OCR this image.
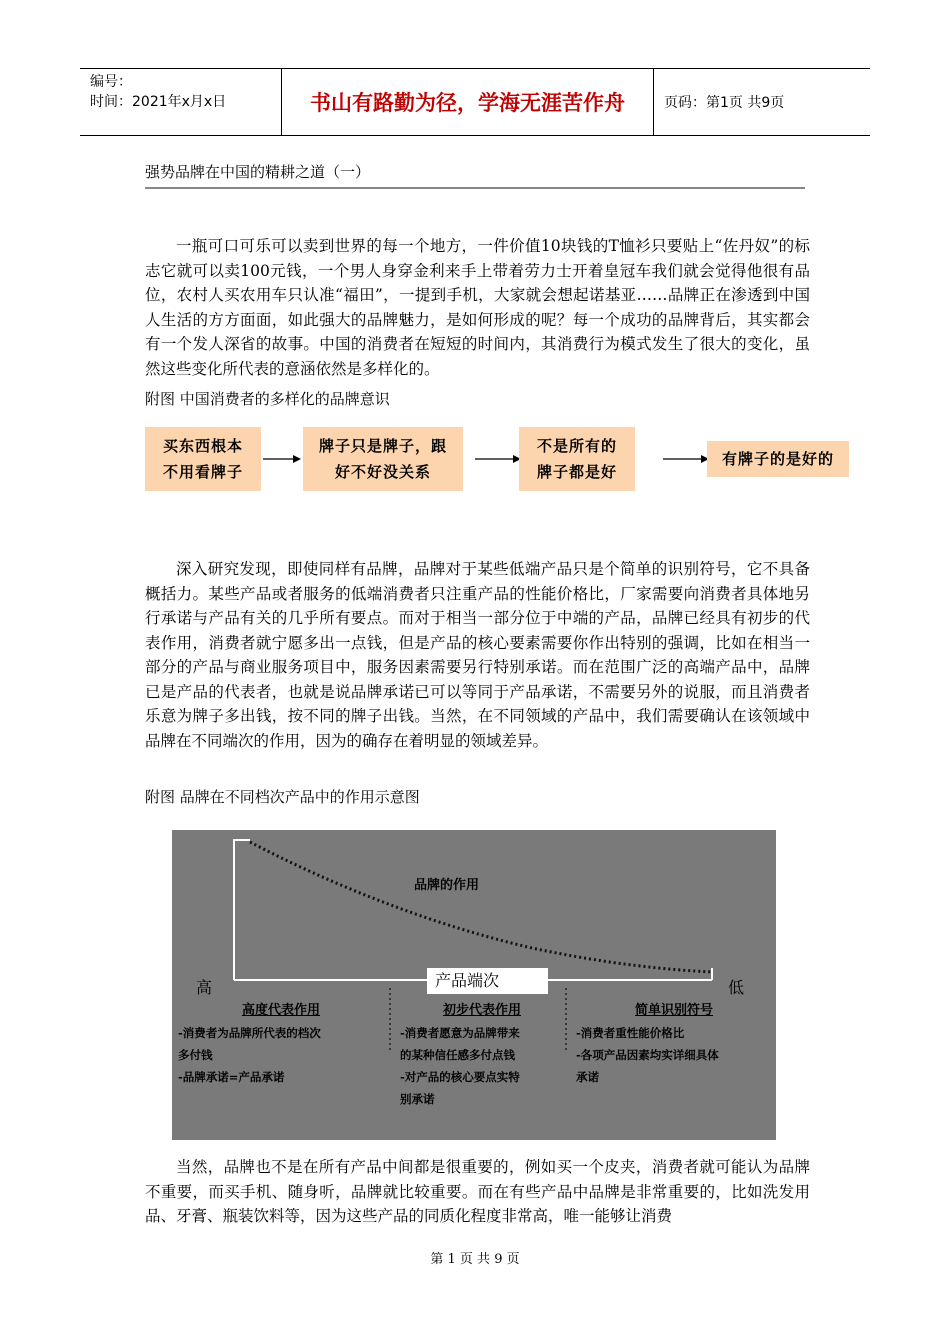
编号：
时间：2021年x月x日	书山有路勤为径，学海无涯苦作舟	页码：第1页 共9页
强势品牌在中国的精耕之道（一）

一瓶可口可乐可以卖到世界的每一个地方，一件价值10块钱的T恤衫只要贴上“佐丹奴”的标志它就可以卖100元钱，一个男人身穿金利来手上带着劳力士开着皇冠车我们就会觉得他很有品位，农村人买农用车只认准“福田”，一提到手机，大家就会想起诺基亚……品牌正在渗透到中国人生活的方方面面，如此强大的品牌魅力，是如何形成的呢？每一个成功的品牌背后，其实都会有一个发人深省的故事。中国的消费者在短短的时间内，其消费行为模式发生了很大的变化，虽然这些变化所代表的意涵依然是多样化的。

附图 中国消费者的多样化的品牌意识
买东西根本
不用看牌子
牌子只是牌子，跟
好不好没关系
不是所有的
牌子都是好
有牌子的是好的

深入研究发现，即使同样有品牌，品牌对于某些低端产品只是个简单的识别符号，它不具备概括力。某些产品或者服务的低端消费者只注重产品的性能价格比，厂家需要向消费者具体地另行承诺与产品有关的几乎所有要点。而对于相当一部分位于中端的产品，品牌已经具有初步的代表作用，消费者就宁愿多出一点钱，但是产品的核心要素需要你作出特别的强调，比如在相当一部分的产品与商业服务项目中，服务因素需要另行特别承诺。而在范围广泛的高端产品中，品牌已是产品的代表者，也就是说品牌承诺已可以等同于产品承诺，不需要另外的说服，而且消费者乐意为牌子多出钱，按不同的牌子出钱。当然，在不同领域的产品中，我们需要确认在该领域中品牌在不同端次的作用，因为的确存在着明显的领域差异。

附图 品牌在不同档次产品中的作用示意图
品牌的作用
产品端次
高	低
高度代表作用
-消费者为品牌所代表的档次
多付钱
-品牌承诺=产品承诺
初步代表作用
-消费者愿意为品牌带来
的某种信任感多付点钱
-对产品的核心要点实特
别承诺
简单识别符号
-消费者重性能价格比
-各项产品因素均实详细具体
承诺

当然，品牌也不是在所有产品中间都是很重要的，例如买一个皮夹，消费者就可能认为品牌不重要，而买手机、随身听，品牌就比较重要。而在有些产品中品牌是非常重要的，比如洗发用品、牙膏、瓶装饮料等，因为这些产品的同质化程度非常高，唯一能够让消费

第 1 页 共 9 页
